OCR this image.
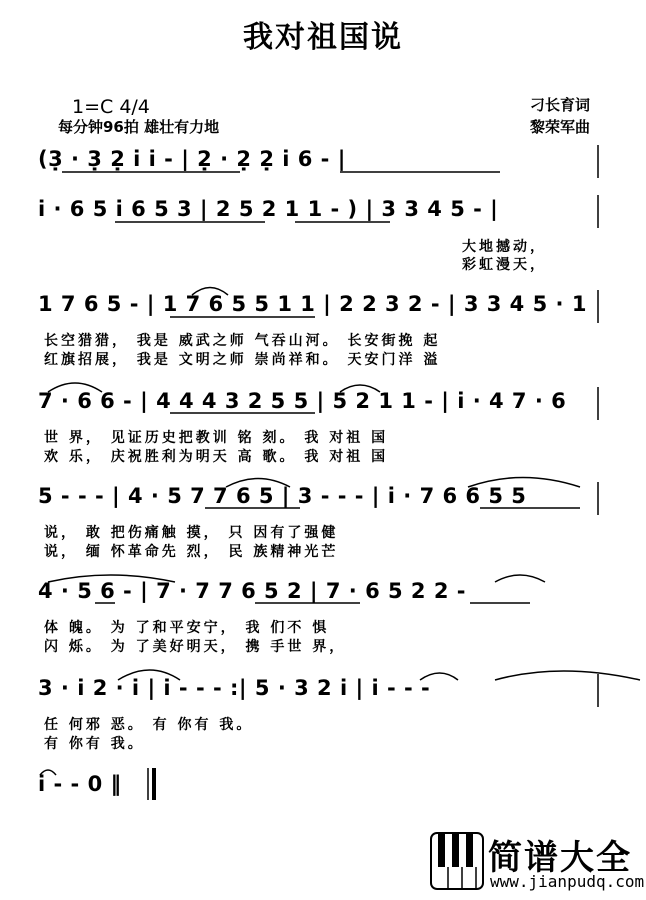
我对祖国说
1=C 4/4
每分钟96拍 雄壮有力地
刁长育词
黎荣军曲
(3̣ · 3̣ 2̣ i i - | 2̣ · 2̣ 2̣ i 6 - |
i · 6 5 i 6 5 3 | 2 5 2 1 1 - ) | 3 3 4 5 - |
大地撼动，
彩虹漫天，
1 7 6 5 - | 1 7 6 5 5 1 1 | 2 2 3 2 - | 3 3 4 5 · 1
长空猎猎， 我是 威武之师 气吞山河。 长安街挽 起
红旗招展， 我是 文明之师 崇尚祥和。 天安门洋 溢
7 · 6 6 - | 4 4 4 3 2 5 5 | 5 2 1 1 - | i · 4 7 · 6
世 界， 见证历史把教训 铭 刻。 我 对祖 国
欢 乐， 庆祝胜利为明天 高 歌。 我 对祖 国
5 - - - | 4 · 5 7 7 6 5 | 3 - - - | i · 7 6 6 5 5
说， 敢 把伤痛触 摸， 只 因有了强健
说， 缅 怀革命先 烈， 民 族精神光芒
4 · 5 6 - | 7 · 7 7 6 5 2 | 7 · 6 5 2 2 -
体 魄。 为 了和平安宁， 我 们不 惧
闪 烁。 为 了美好明天， 携 手世 界，
3 · i 2 · i | i - - - :| 5 · 3 2 i | i - - -
任 何邪 恶。 有 你有 我。
有 你有 我。
i - - 0 ‖
简谱大全
www.jianpudq.com
